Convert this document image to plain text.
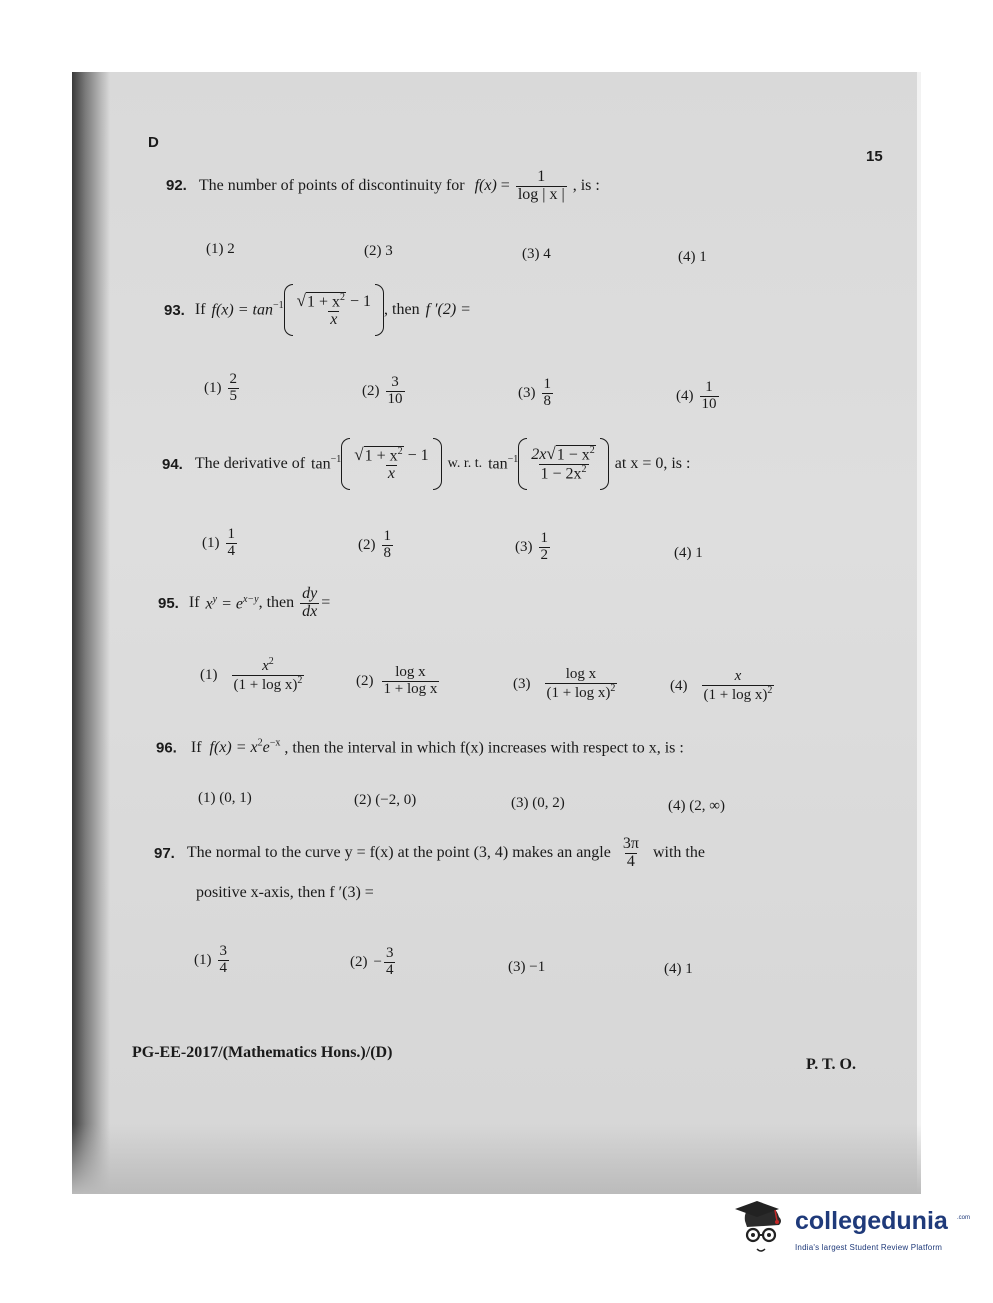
D
15
92. The number of points of discontinuity for $f(x) = \frac{1}{\log | x |}$ , is :
(1) 2	(2) 3	(3) 4	(4) 1
93. If $f(x) = \tan^{-1} \frac{√ 1 + x^2 - 1}{x}$ , then f ′(2) =
$(1) \frac{2}{5}$	$(2) \frac{3}{10}$	$(3) \frac{1}{8}$	$(4) \frac{1}{10}$
94. The derivative of $\tan^{-1} \frac{√ 1 + x^2 - 1}{x} w$. r. t. $\tan^{-1} \frac{2x √ 1 - x^2}{1 - 2x^2}$ at x = 0, is :
$(1) \frac{1}{4}$	$(2) \frac{1}{8}$	$(3) \frac{1}{2}$	(4) 1
95. If $x^y = e^{x-y}$ , then $\frac{dy}{dx}$ =
$(1) \frac{x^2}{(1 + \log x)^2}$	$(2) \frac{\text{log x}}{\text{1 + log x}}$	$(3) \frac{\text{log x}}{(1 + \log x)^2}$	$(4) \frac{x}{(1 + \log x)^2}$
96. If $f(x) = x^2e^{-x}$ , then the interval in which f(x) increases with respect to x, is :
(1) (0, 1)	(2) (−2, 0)	(3) (0, 2)	(4) (2, ∞)
97. The normal to the curve y = f(x) at the point (3, 4) makes an angle $\frac{3\pi}{4}$ with the
positive x-axis, then f ′(3) =
$(1) \frac{3}{4}$	$(2) - \frac{3}{4}$	(3) −1	(4) 1
PG-EE-2017/(Mathematics Hons.)/(D)
P. T. O.
collegedunia .com
India's largest Student Review Platform
